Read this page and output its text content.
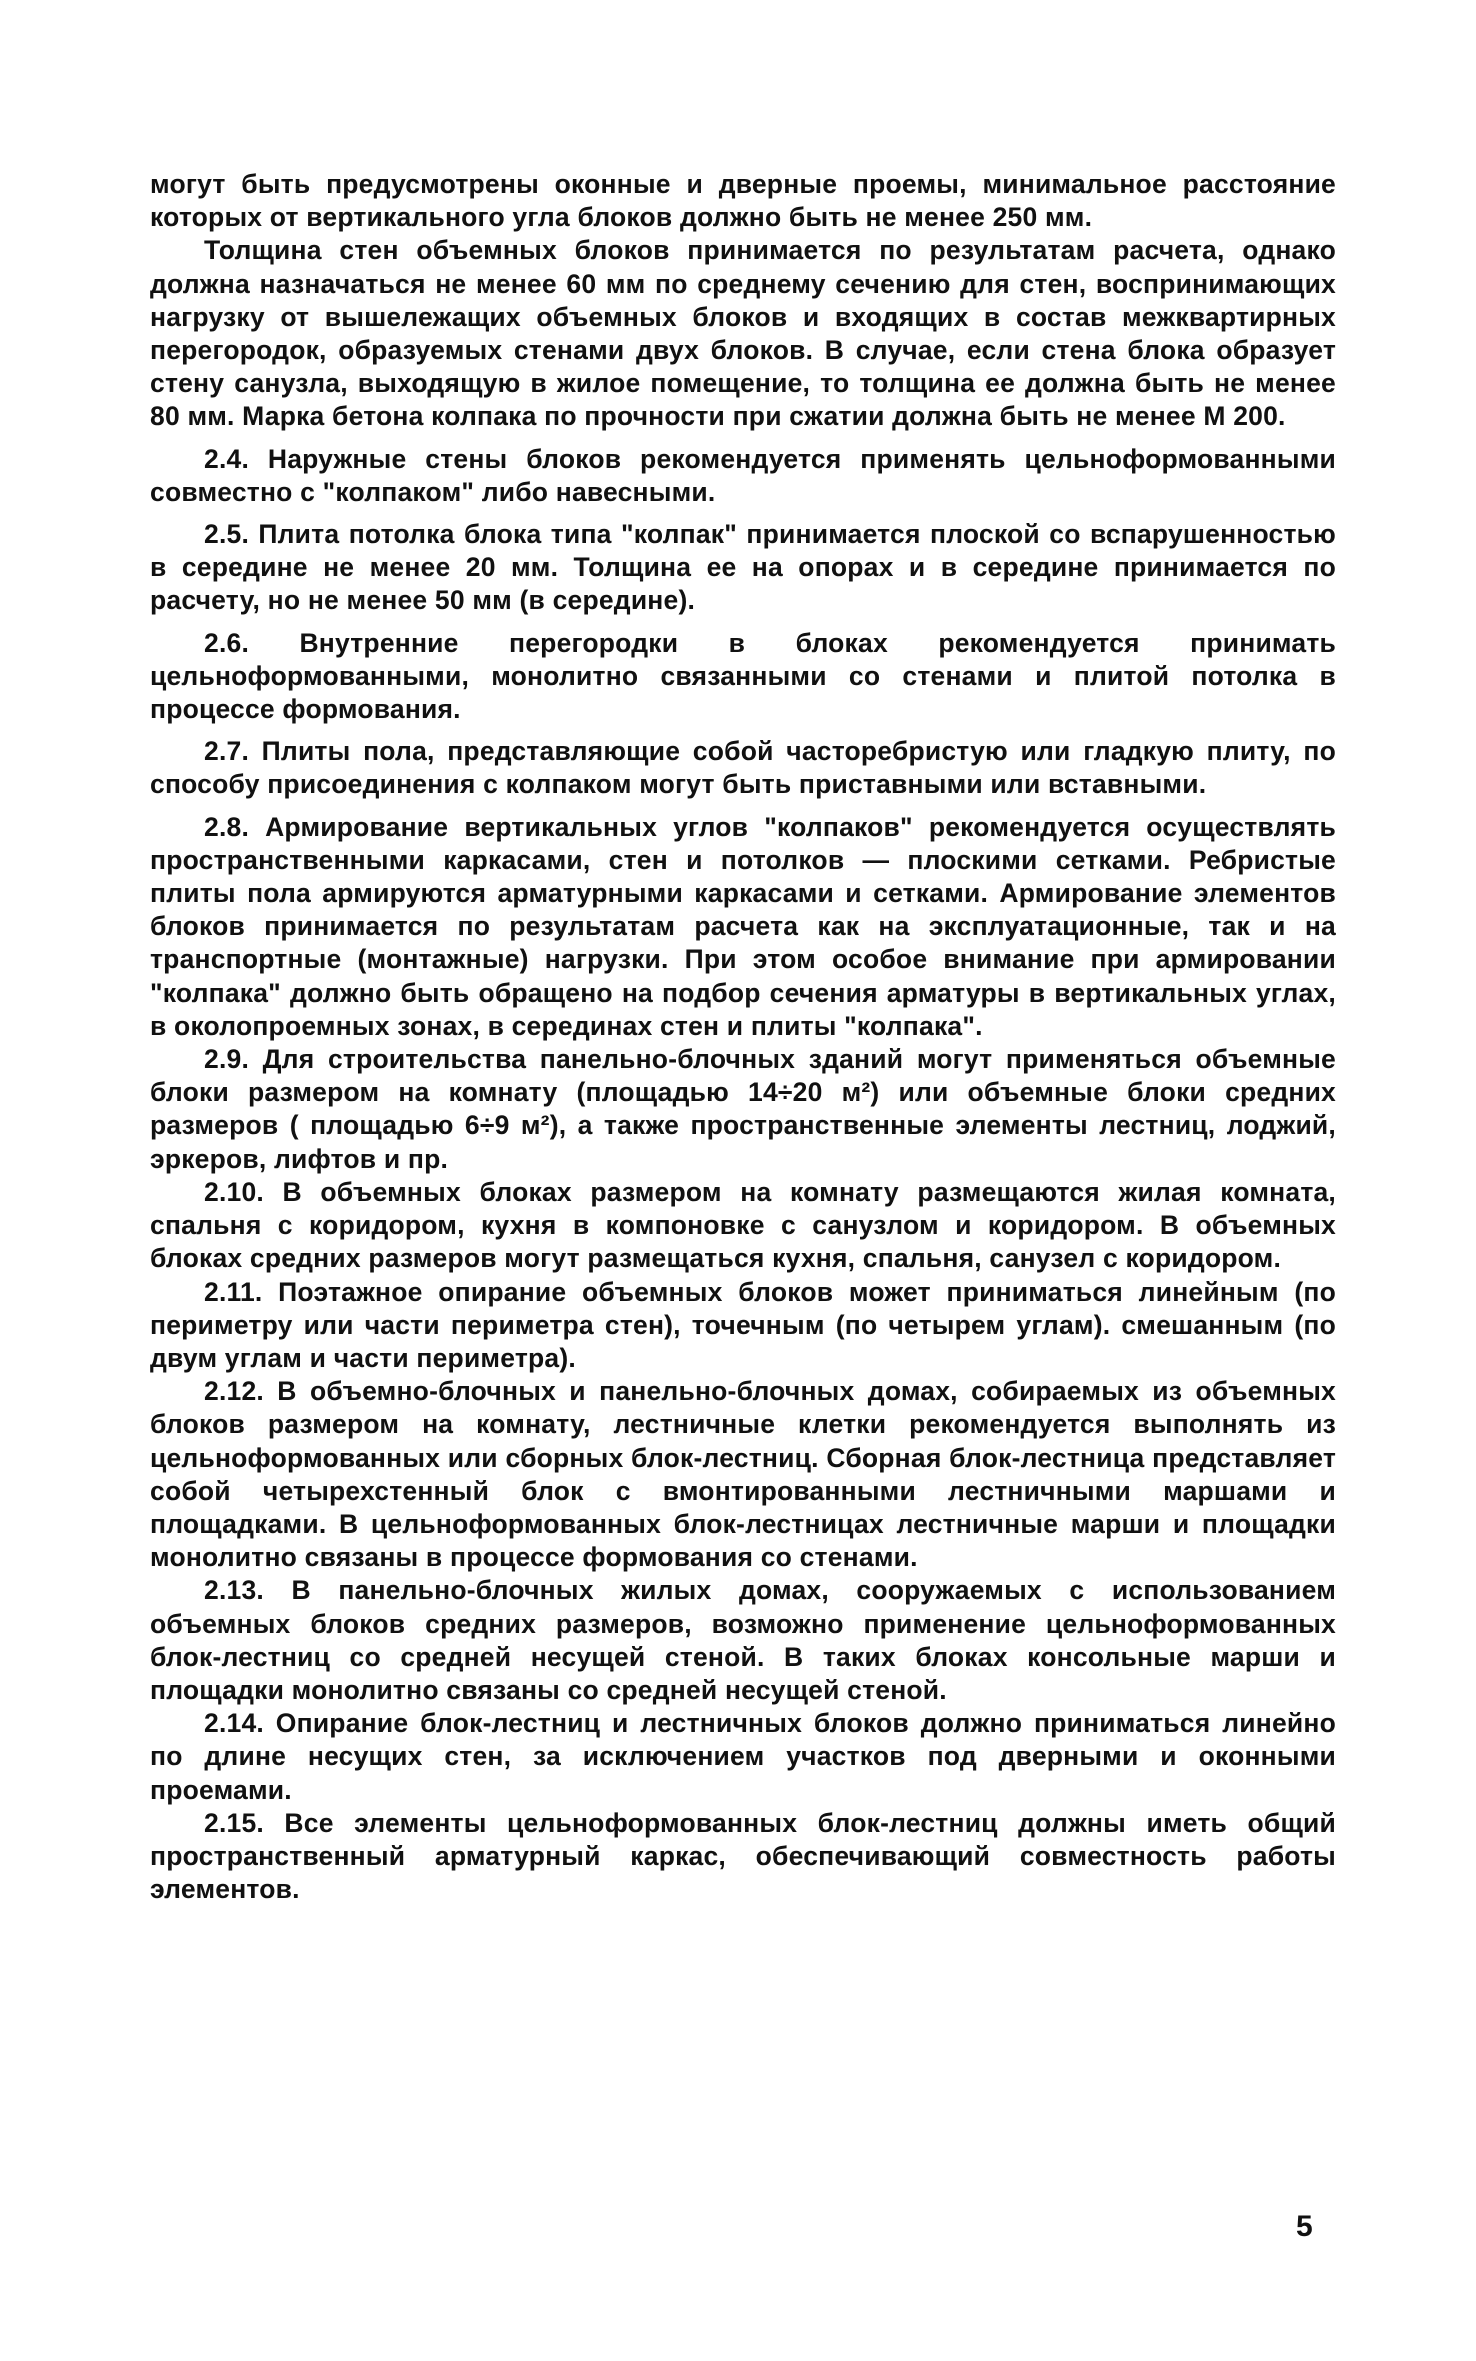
могут быть предусмотрены оконные и дверные проемы, минимальное расстояние которых от вертикального угла блоков должно быть не менее 250 мм.

Толщина стен объемных блоков принимается по результатам расчета, однако должна назначаться не менее 60 мм по среднему сечению для стен, воспринимающих нагрузку от вышележащих объемных блоков и входящих в состав межквартирных перегородок, образуемых стенами двух блоков. В случае, если стена блока образует стену санузла, выходящую в жилое помещение, то толщина ее должна быть не менее 80 мм. Марка бетона колпака по прочности при сжатии должна быть не менее М 200.

2.4. Наружные стены блоков рекомендуется применять цельноформованными совместно с "колпаком" либо навесными.

2.5. Плита потолка блока типа "колпак" принимается плоской со вспарушенностью в середине не менее 20 мм. Толщина ее на опорах и в середине принимается по расчету, но не менее 50 мм (в середине).

2.6. Внутренние перегородки в блоках рекомендуется принимать цельноформованными, монолитно связанными со стенами и плитой потолка в процессе формования.

2.7. Плиты пола, представляющие собой часторебристую или гладкую плиту, по способу присоединения с колпаком могут быть приставными или вставными.

2.8. Армирование вертикальных углов "колпаков" рекомендуется осуществлять пространственными каркасами, стен и потолков — плоскими сетками. Ребристые плиты пола армируются арматурными каркасами и сетками. Армирование элементов блоков принимается по результатам расчета как на эксплуатационные, так и на транспортные (монтажные) нагрузки. При этом особое внимание при армировании "колпака" должно быть обращено на подбор сечения арматуры в вертикальных углах, в околопроемных зонах, в серединах стен и плиты "колпака".

2.9. Для строительства панельно-блочных зданий могут применяться объемные блоки размером на комнату (площадью 14÷20 м²) или объемные блоки средних размеров ( площадью 6÷9 м²), а также пространственные элементы лестниц, лоджий, эркеров, лифтов и пр.

2.10. В объемных блоках размером на комнату размещаются жилая комната, спальня с коридором, кухня в компоновке с санузлом и коридором. В объемных блоках средних размеров могут размещаться кухня, спальня, санузел с коридором.

2.11. Поэтажное опирание объемных блоков может приниматься линейным (по периметру или части периметра стен), точечным (по четырем углам). смешанным (по двум углам и части периметра).

2.12. В объемно-блочных и панельно-блочных домах, собираемых из объемных блоков размером на комнату, лестничные клетки рекомендуется выполнять из цельноформованных или сборных блок-лестниц. Сборная блок-лестница представляет собой четырехстенный блок с вмонтированными лестничными маршами и площадками. В цельноформованных блок-лестницах лестничные марши и площадки монолитно связаны в процессе формования со стенами.

2.13. В панельно-блочных жилых домах, сооружаемых с использованием объемных блоков средних размеров, возможно применение цельноформованных блок-лестниц со средней несущей стеной. В таких блоках консольные марши и площадки монолитно связаны со средней несущей стеной.

2.14. Опирание блок-лестниц и лестничных блоков должно приниматься линейно по длине несущих стен, за исключением участков под дверными и оконными проемами.

2.15. Все элементы цельноформованных блок-лестниц должны иметь общий пространственный арматурный каркас, обеспечивающий совместность работы элементов.

5
